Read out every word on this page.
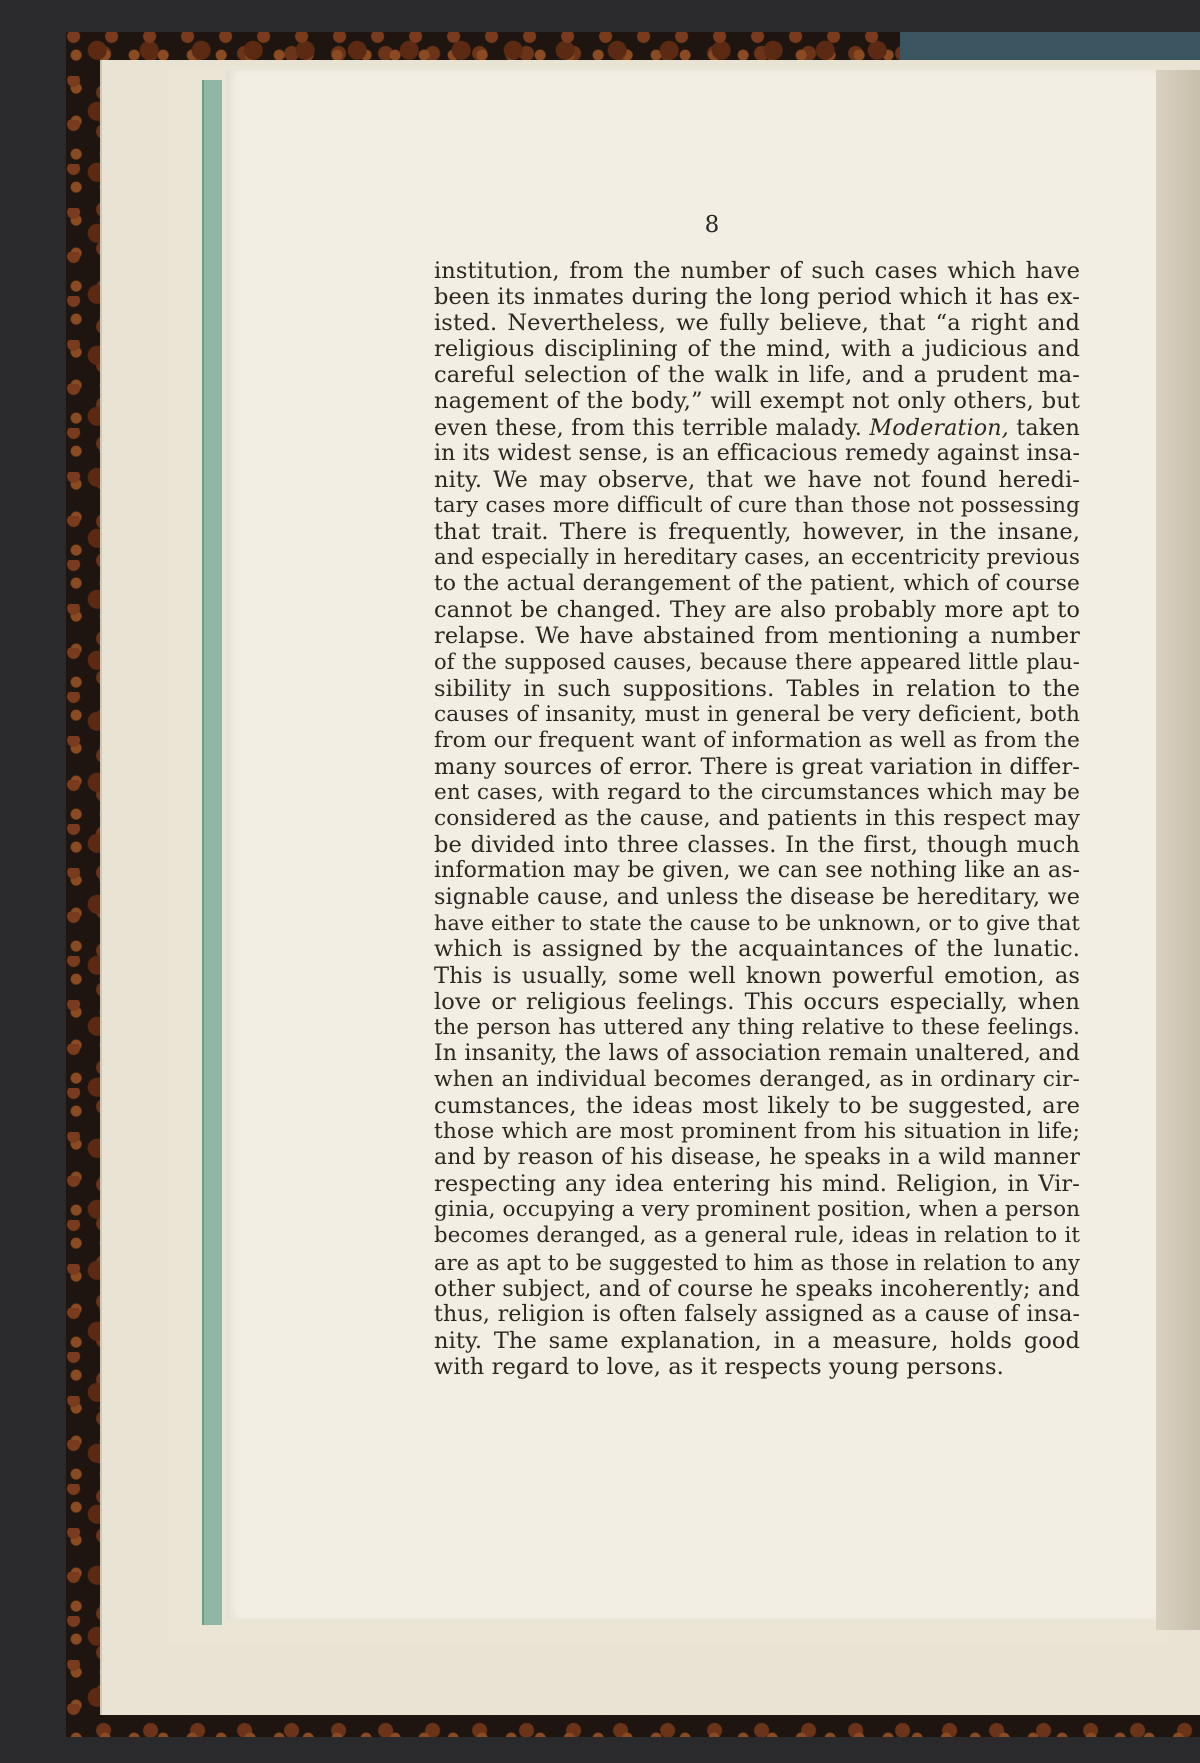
8
institution, from the number of such cases which have
been its inmates during the long period which it has ex-
isted. Nevertheless, we fully believe, that “a right and
religious disciplining of the mind, with a judicious and
careful selection of the walk in life, and a prudent ma-
nagement of the body,” will exempt not only others, but
even these, from this terrible malady. Moderation, taken
in its widest sense, is an efficacious remedy against insa-
nity. We may observe, that we have not found heredi-
tary cases more difficult of cure than those not possessing
that trait. There is frequently, however, in the insane,
and especially in hereditary cases, an eccentricity previous
to the actual derangement of the patient, which of course
cannot be changed. They are also probably more apt to
relapse. We have abstained from mentioning a number
of the supposed causes, because there appeared little plau-
sibility in such suppositions. Tables in relation to the
causes of insanity, must in general be very deficient, both
from our frequent want of information as well as from the
many sources of error. There is great variation in differ-
ent cases, with regard to the circumstances which may be
considered as the cause, and patients in this respect may
be divided into three classes. In the first, though much
information may be given, we can see nothing like an as-
signable cause, and unless the disease be hereditary, we
have either to state the cause to be unknown, or to give that
which is assigned by the acquaintances of the lunatic.
This is usually, some well known powerful emotion, as
love or religious feelings. This occurs especially, when
the person has uttered any thing relative to these feelings.
In insanity, the laws of association remain unaltered, and
when an individual becomes deranged, as in ordinary cir-
cumstances, the ideas most likely to be suggested, are
those which are most prominent from his situation in life;
and by reason of his disease, he speaks in a wild manner
respecting any idea entering his mind. Religion, in Vir-
ginia, occupying a very prominent position, when a person
becomes deranged, as a general rule, ideas in relation to it
are as apt to be suggested to him as those in relation to any
other subject, and of course he speaks incoherently; and
thus, religion is often falsely assigned as a cause of insa-
nity. The same explanation, in a measure, holds good
with regard to love, as it respects young persons.
